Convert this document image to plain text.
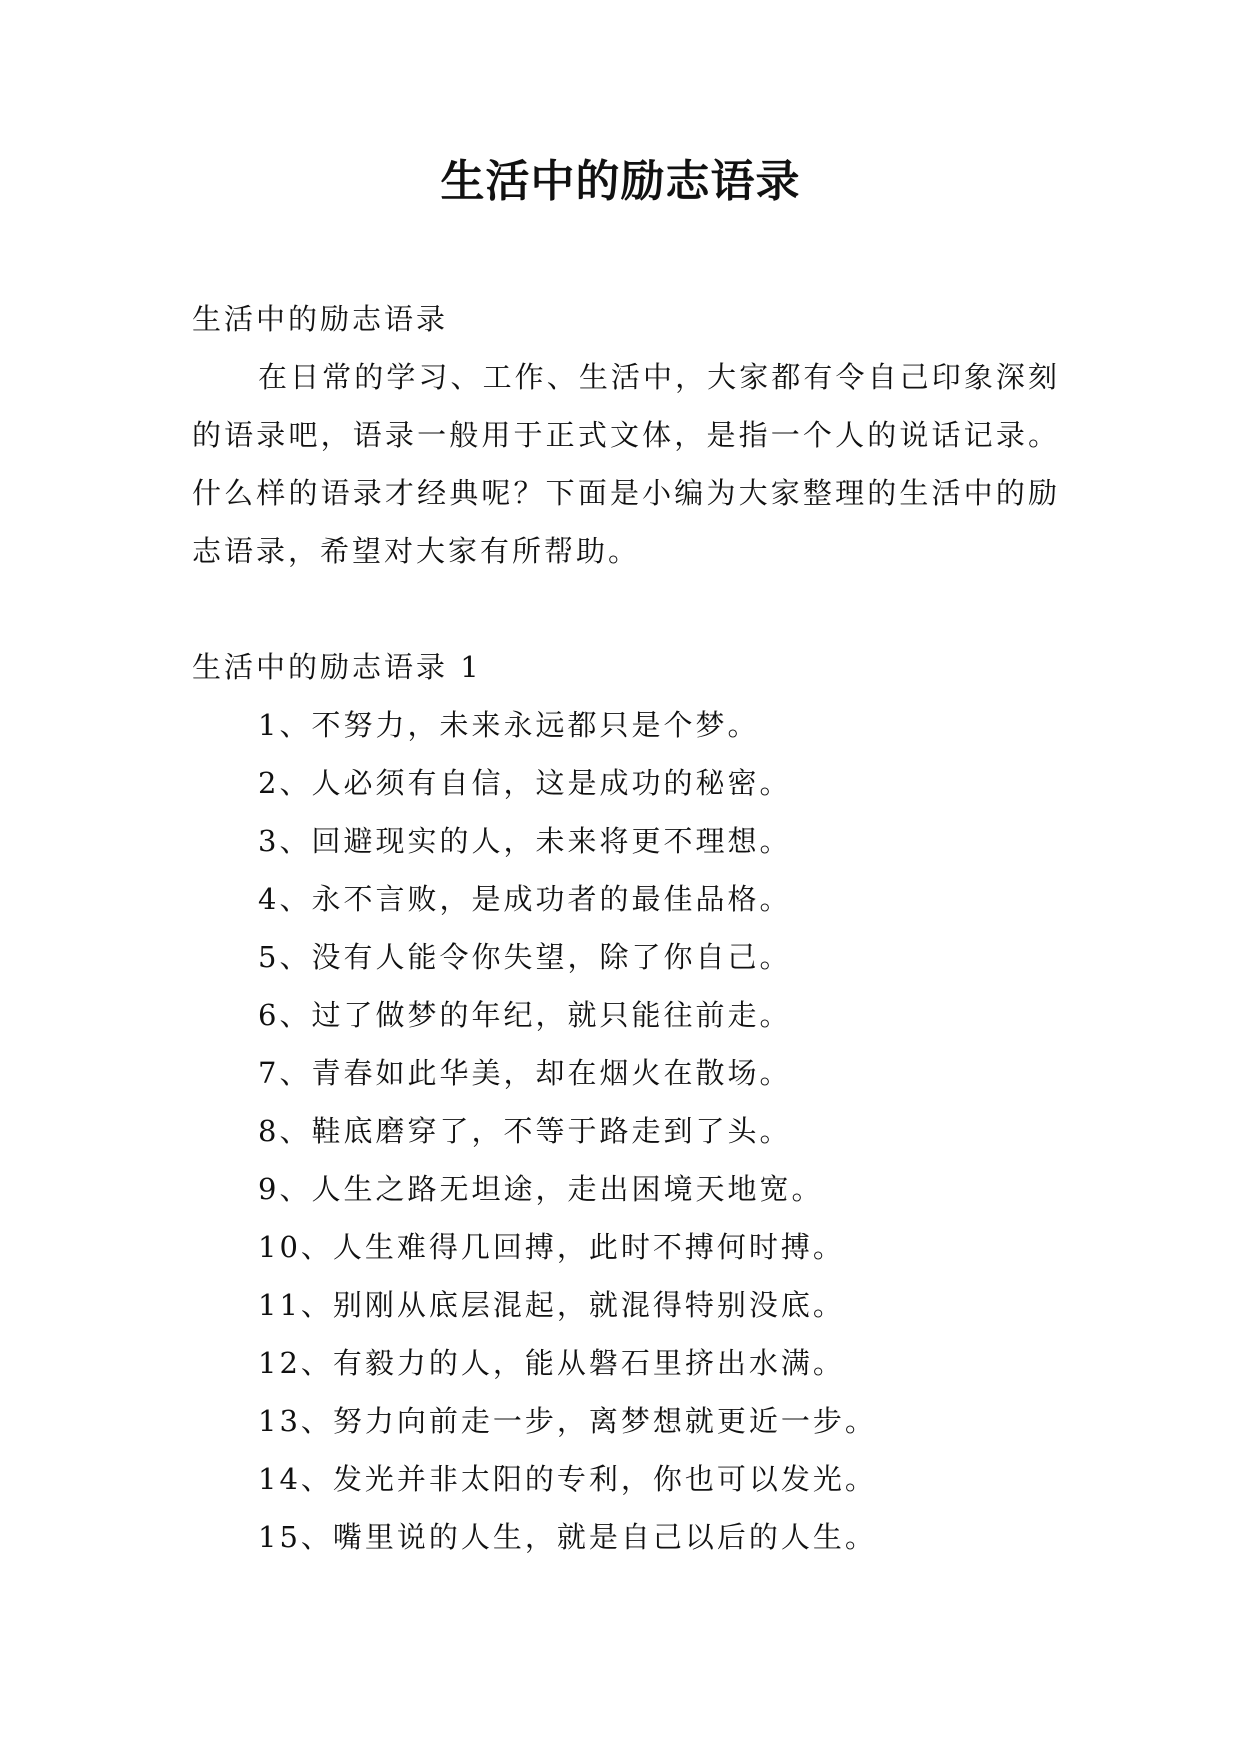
生活中的励志语录

生活中的励志语录

在日常的学习、工作、生活中，大家都有令自己印象深刻的语录吧，语录一般用于正式文体，是指一个人的说话记录。什么样的语录才经典呢？下面是小编为大家整理的生活中的励志语录，希望对大家有所帮助。

生活中的励志语录 1

1、不努力，未来永远都只是个梦。
2、人必须有自信，这是成功的秘密。
3、回避现实的人，未来将更不理想。
4、永不言败，是成功者的最佳品格。
5、没有人能令你失望，除了你自己。
6、过了做梦的年纪，就只能往前走。
7、青春如此华美，却在烟火在散场。
8、鞋底磨穿了，不等于路走到了头。
9、人生之路无坦途，走出困境天地宽。
10、人生难得几回搏，此时不搏何时搏。
11、别刚从底层混起，就混得特别没底。
12、有毅力的人，能从磐石里挤出水满。
13、努力向前走一步，离梦想就更近一步。
14、发光并非太阳的专利，你也可以发光。
15、嘴里说的人生，就是自己以后的人生。
